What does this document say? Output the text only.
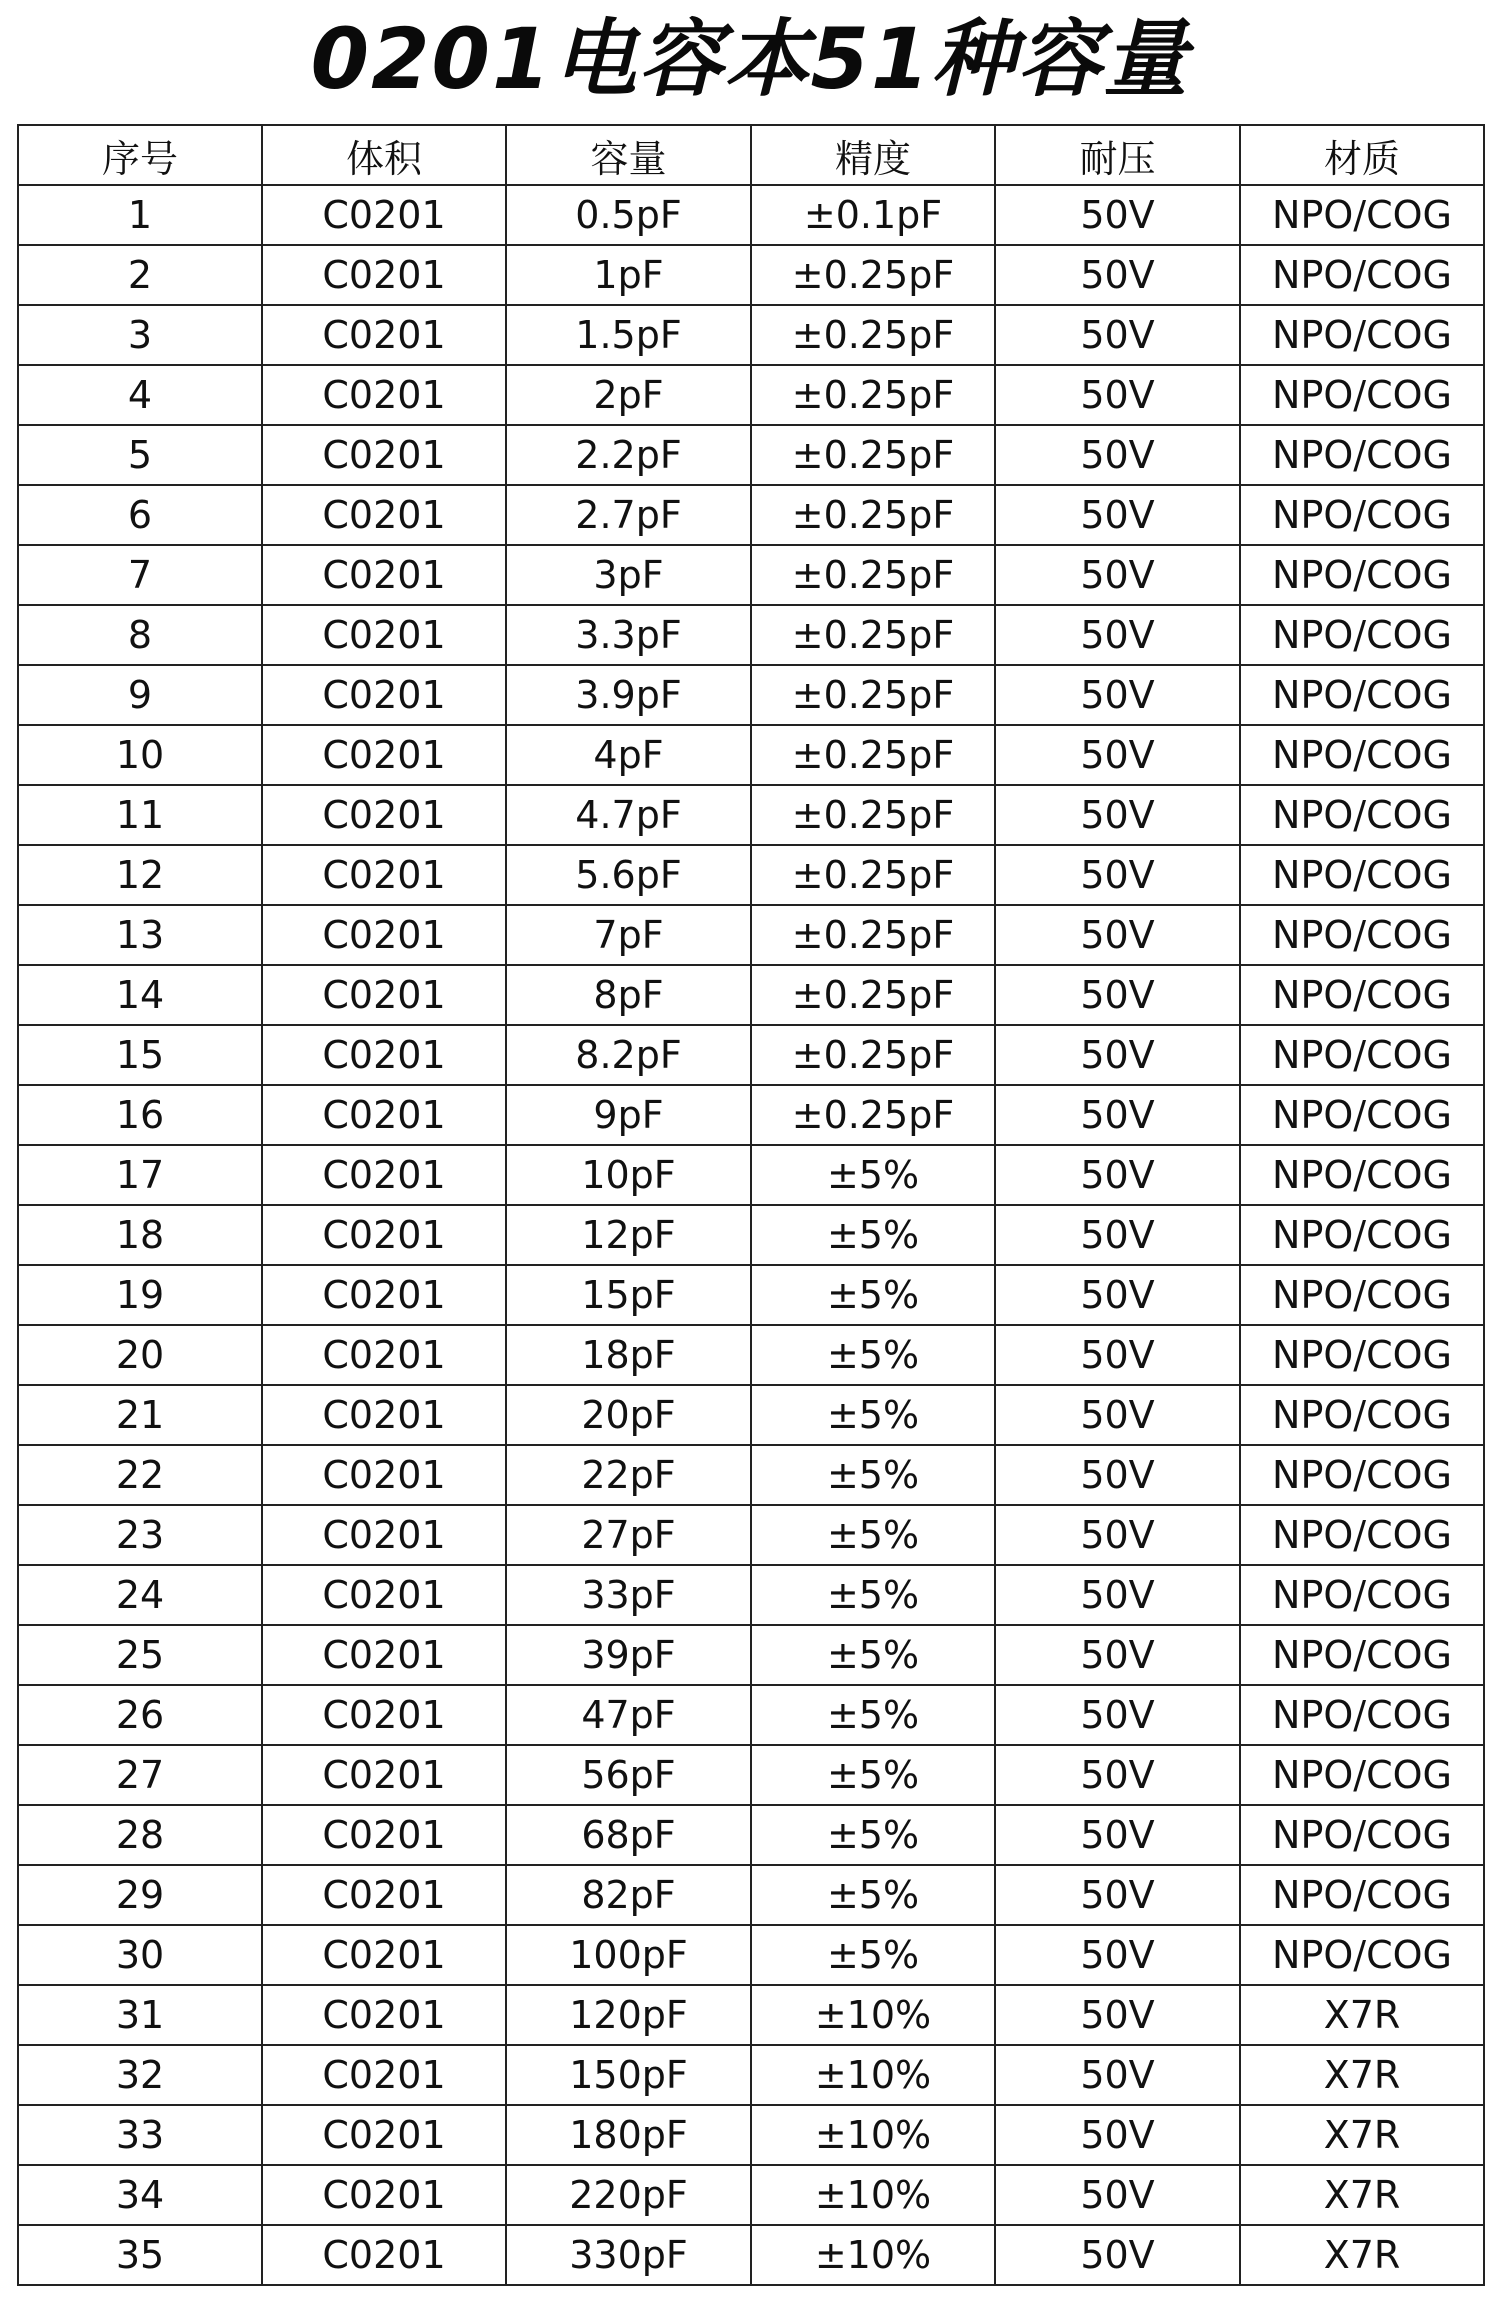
0201电容本51种容量
序号	体积	容量	精度	耐压	材质
1	C0201	0.5pF	±0.1pF	50V	NPO/COG
2	C0201	1pF	±0.25pF	50V	NPO/COG
3	C0201	1.5pF	±0.25pF	50V	NPO/COG
4	C0201	2pF	±0.25pF	50V	NPO/COG
5	C0201	2.2pF	±0.25pF	50V	NPO/COG
6	C0201	2.7pF	±0.25pF	50V	NPO/COG
7	C0201	3pF	±0.25pF	50V	NPO/COG
8	C0201	3.3pF	±0.25pF	50V	NPO/COG
9	C0201	3.9pF	±0.25pF	50V	NPO/COG
10	C0201	4pF	±0.25pF	50V	NPO/COG
11	C0201	4.7pF	±0.25pF	50V	NPO/COG
12	C0201	5.6pF	±0.25pF	50V	NPO/COG
13	C0201	7pF	±0.25pF	50V	NPO/COG
14	C0201	8pF	±0.25pF	50V	NPO/COG
15	C0201	8.2pF	±0.25pF	50V	NPO/COG
16	C0201	9pF	±0.25pF	50V	NPO/COG
17	C0201	10pF	±5%	50V	NPO/COG
18	C0201	12pF	±5%	50V	NPO/COG
19	C0201	15pF	±5%	50V	NPO/COG
20	C0201	18pF	±5%	50V	NPO/COG
21	C0201	20pF	±5%	50V	NPO/COG
22	C0201	22pF	±5%	50V	NPO/COG
23	C0201	27pF	±5%	50V	NPO/COG
24	C0201	33pF	±5%	50V	NPO/COG
25	C0201	39pF	±5%	50V	NPO/COG
26	C0201	47pF	±5%	50V	NPO/COG
27	C0201	56pF	±5%	50V	NPO/COG
28	C0201	68pF	±5%	50V	NPO/COG
29	C0201	82pF	±5%	50V	NPO/COG
30	C0201	100pF	±5%	50V	NPO/COG
31	C0201	120pF	±10%	50V	X7R
32	C0201	150pF	±10%	50V	X7R
33	C0201	180pF	±10%	50V	X7R
34	C0201	220pF	±10%	50V	X7R
35	C0201	330pF	±10%	50V	X7R
